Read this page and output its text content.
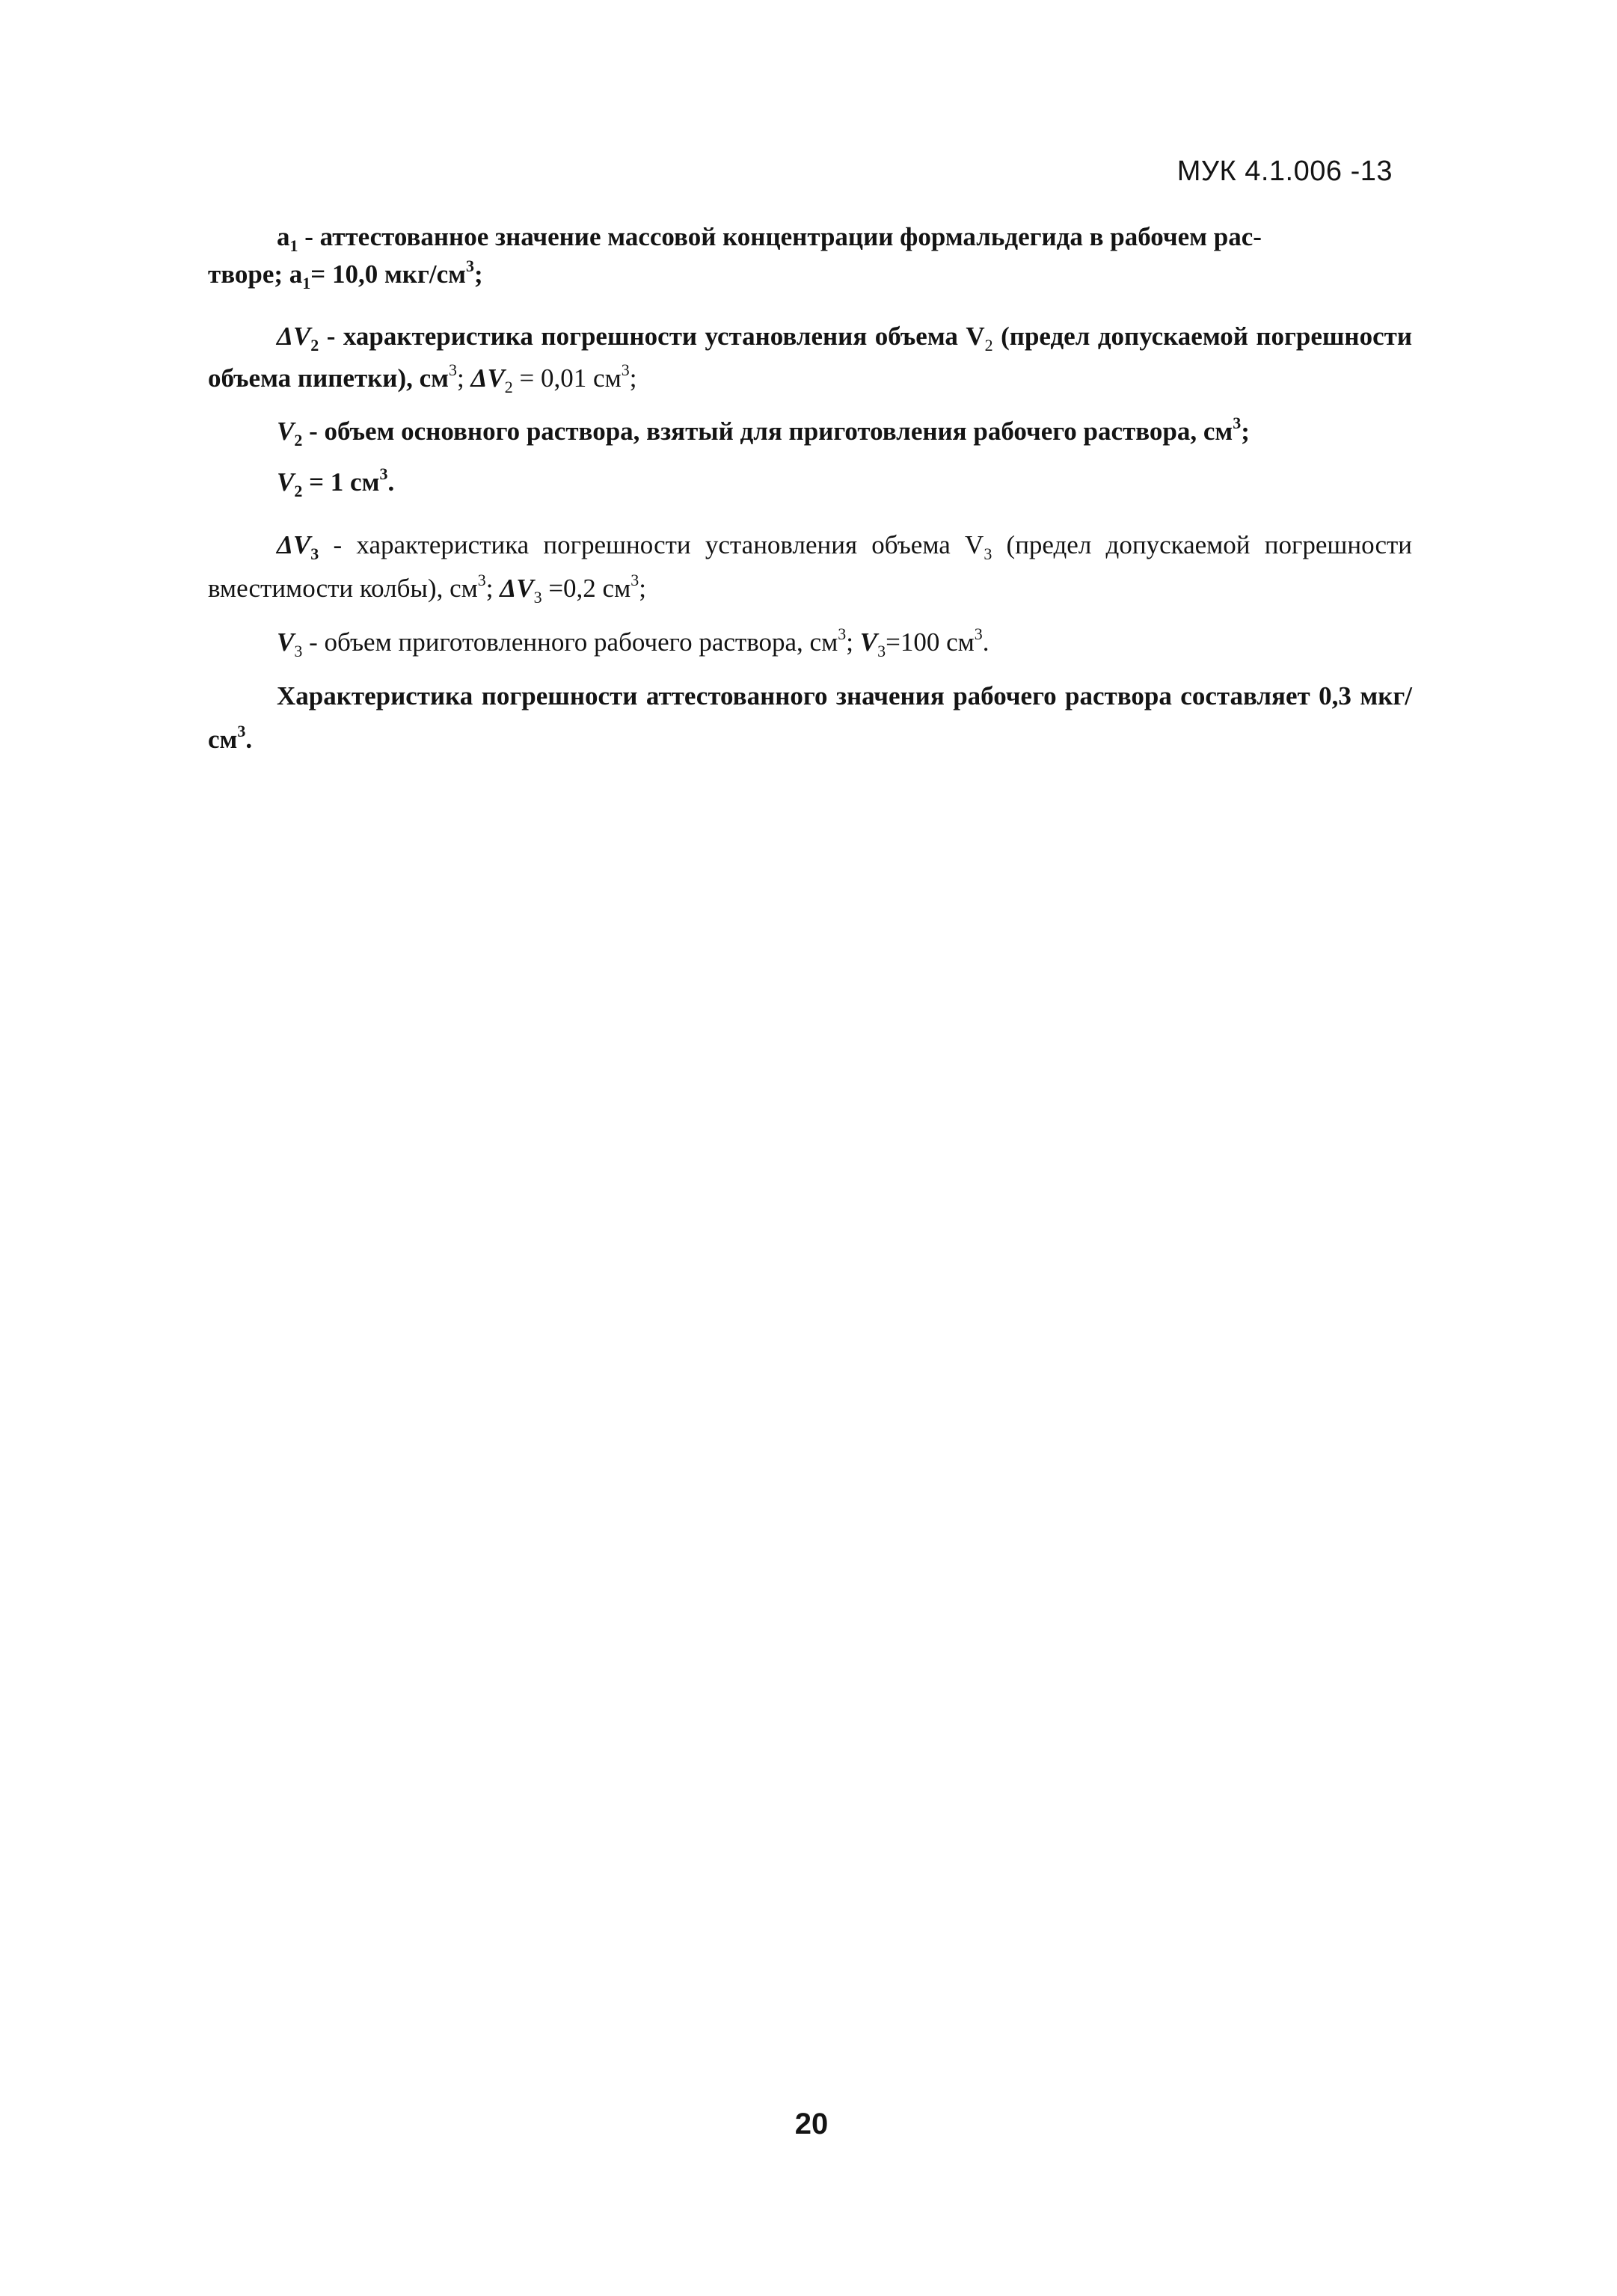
МУК 4.1.006 -13

$a_1$ - аттестованное значение массовой концентрации формальдегида в рабочем рас-
творе; $a_1= 10,0$ мкг/$см^3$;

$\Delta V_2$ - характеристика погрешности установления объема $V_2$ (предел допускаемой погрешности объема пипетки), $см^3$; $\Delta V_2 = 0,01$ $см^3$;

$V_2$ - объем основного раствора, взятый для приготовления рабочего раствора, $см^3$;

$V_2 = 1$ $см^3$.

$\Delta V_3$ - характеристика погрешности установления объема $V_3$ (предел допускаемой погрешности вместимости колбы), $см^3$; $\Delta V_3 =0,2$ $см^3$;

$V_3$ - объем приготовленного рабочего раствора, $см^3$; $V_3=100$ $см^3$.

Характеристика погрешности аттестованного значения рабочего раствора составляет 0,3 мкг/$см^3$.

20
